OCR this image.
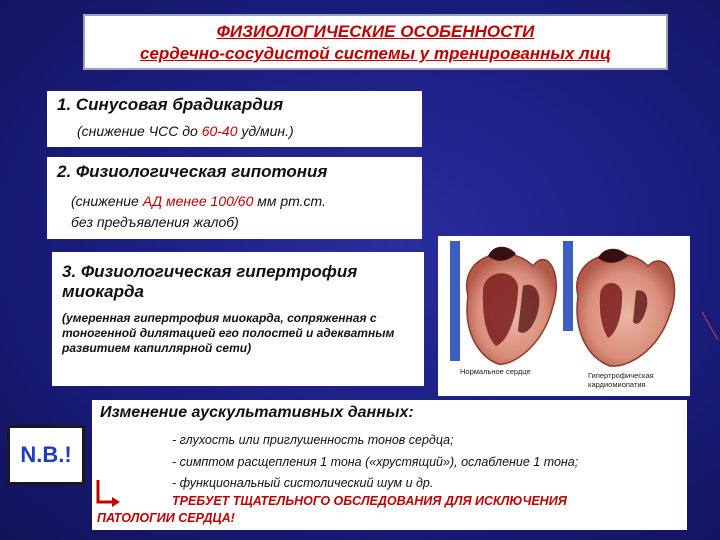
ФИЗИОЛОГИЧЕСКИЕ ОСОБЕННОСТИ
сердечно-сосудистой системы у тренированных лиц
1. Синусовая брадикардия
(снижение ЧСС до 60-40 уд/мин.)
2. Физиологическая гипотония
(снижение АД менее 100/60 мм рт.ст.
без предъявления жалоб)
3. Физиологическая гипертрофия
миокарда
(умеренная гипертрофия миокарда, сопряженная с тоногенной дилятацией его полостей и адекватным развитием капиллярной сети)
Нормальное сердце	Гипертрофическая
кардиомиопатия
N.B.!
Изменение аускультативных данных:
- глухость или приглушенность тонов сердца;
- симптом расщепления 1 тона («хрустящий»), ослабление 1 тона;
- функциональный систолический шум и др.
ТРЕБУЕТ ТЩАТЕЛЬНОГО ОБСЛЕДОВАНИЯ ДЛЯ ИСКЛЮЧЕНИЯ
ПАТОЛОГИИ СЕРДЦА!
